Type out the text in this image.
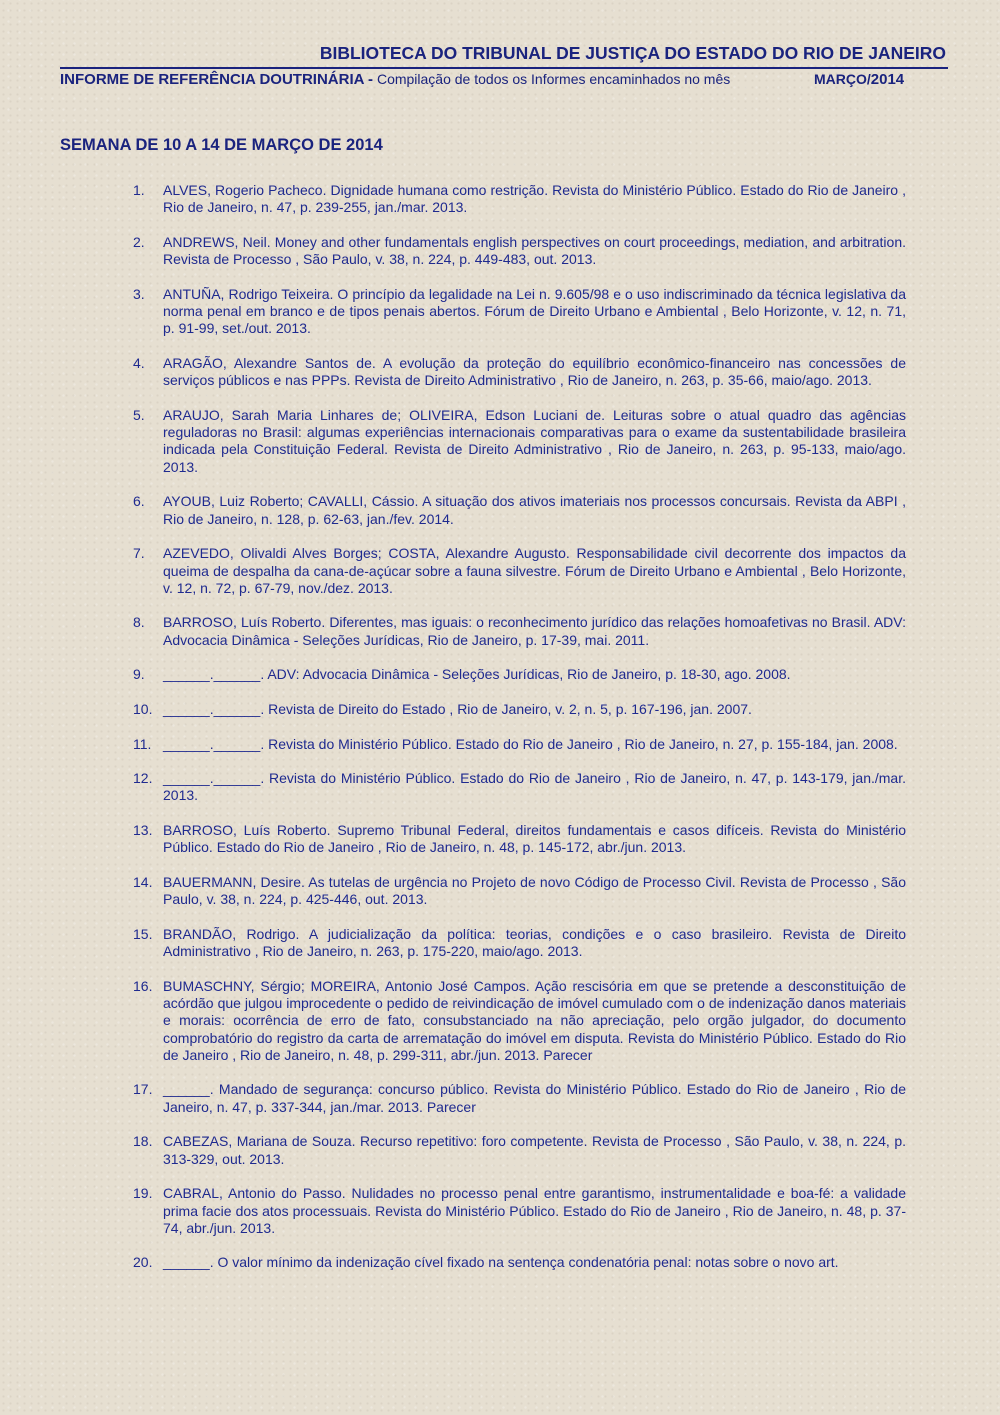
BIBLIOTECA DO TRIBUNAL DE JUSTIÇA DO ESTADO DO RIO DE JANEIRO
INFORME DE REFERÊNCIA DOUTRINÁRIA - Compilação de todos os Informes encaminhados no mês	MARÇO/2014
SEMANA DE 10 A 14 DE MARÇO DE 2014
1. ALVES, Rogerio Pacheco. Dignidade humana como restrição. Revista do Ministério Público. Estado do Rio de Janeiro , Rio de Janeiro, n. 47, p. 239-255, jan./mar. 2013.
2. ANDREWS, Neil. Money and other fundamentals english perspectives on court proceedings, mediation, and arbitration. Revista de Processo , São Paulo, v. 38, n. 224, p. 449-483, out. 2013.
3. ANTUÑA, Rodrigo Teixeira. O princípio da legalidade na Lei n. 9.605/98 e o uso indiscriminado da técnica legislativa da norma penal em branco e de tipos penais abertos. Fórum de Direito Urbano e Ambiental , Belo Horizonte, v. 12, n. 71, p. 91-99, set./out. 2013.
4. ARAGÃO, Alexandre Santos de. A evolução da proteção do equilíbrio econômico-financeiro nas concessões de serviços públicos e nas PPPs. Revista de Direito Administrativo , Rio de Janeiro, n. 263, p. 35-66, maio/ago. 2013.
5. ARAUJO, Sarah Maria Linhares de; OLIVEIRA, Edson Luciani de. Leituras sobre o atual quadro das agências reguladoras no Brasil: algumas experiências internacionais comparativas para o exame da sustentabilidade brasileira indicada pela Constituição Federal. Revista de Direito Administrativo , Rio de Janeiro, n. 263, p. 95-133, maio/ago. 2013.
6. AYOUB, Luiz Roberto; CAVALLI, Cássio. A situação dos ativos imateriais nos processos concursais. Revista da ABPI , Rio de Janeiro, n. 128, p. 62-63, jan./fev. 2014.
7. AZEVEDO, Olivaldi Alves Borges; COSTA, Alexandre Augusto. Responsabilidade civil decorrente dos impactos da queima de despalha da cana-de-açúcar sobre a fauna silvestre. Fórum de Direito Urbano e Ambiental , Belo Horizonte, v. 12, n. 72, p. 67-79, nov./dez. 2013.
8. BARROSO, Luís Roberto. Diferentes, mas iguais: o reconhecimento jurídico das relações homoafetivas no Brasil. ADV: Advocacia Dinâmica - Seleções Jurídicas, Rio de Janeiro, p. 17-39, mai. 2011.
9. ______.______. ADV: Advocacia Dinâmica - Seleções Jurídicas, Rio de Janeiro, p. 18-30, ago. 2008.
10. ______.______. Revista de Direito do Estado , Rio de Janeiro, v. 2, n. 5, p. 167-196, jan. 2007.
11. ______.______. Revista do Ministério Público. Estado do Rio de Janeiro , Rio de Janeiro, n. 27, p. 155-184, jan. 2008.
12. ______.______. Revista do Ministério Público. Estado do Rio de Janeiro , Rio de Janeiro, n. 47, p. 143-179, jan./mar. 2013.
13. BARROSO, Luís Roberto. Supremo Tribunal Federal, direitos fundamentais e casos difíceis. Revista do Ministério Público. Estado do Rio de Janeiro , Rio de Janeiro, n. 48, p. 145-172, abr./jun. 2013.
14. BAUERMANN, Desire. As tutelas de urgência no Projeto de novo Código de Processo Civil. Revista de Processo , São Paulo, v. 38, n. 224, p. 425-446, out. 2013.
15. BRANDÃO, Rodrigo. A judicialização da política: teorias, condições e o caso brasileiro. Revista de Direito Administrativo , Rio de Janeiro, n. 263, p. 175-220, maio/ago. 2013.
16. BUMASCHNY, Sérgio; MOREIRA, Antonio José Campos. Ação rescisória em que se pretende a desconstituição de acórdão que julgou improcedente o pedido de reivindicação de imóvel cumulado com o de indenização danos materiais e morais: ocorrência de erro de fato, consubstanciado na não apreciação, pelo orgão julgador, do documento comprobatório do registro da carta de arrematação do imóvel em disputa. Revista do Ministério Público. Estado do Rio de Janeiro , Rio de Janeiro, n. 48, p. 299-311, abr./jun. 2013. Parecer
17. ______. Mandado de segurança: concurso público. Revista do Ministério Público. Estado do Rio de Janeiro , Rio de Janeiro, n. 47, p. 337-344, jan./mar. 2013. Parecer
18. CABEZAS, Mariana de Souza. Recurso repetitivo: foro competente. Revista de Processo , São Paulo, v. 38, n. 224, p. 313-329, out. 2013.
19. CABRAL, Antonio do Passo. Nulidades no processo penal entre garantismo, instrumentalidade e boa-fé: a validade prima facie dos atos processuais. Revista do Ministério Público. Estado do Rio de Janeiro , Rio de Janeiro, n. 48, p. 37-74, abr./jun. 2013.
20. ______. O valor mínimo da indenização cível fixado na sentença condenatória penal: notas sobre o novo art.
